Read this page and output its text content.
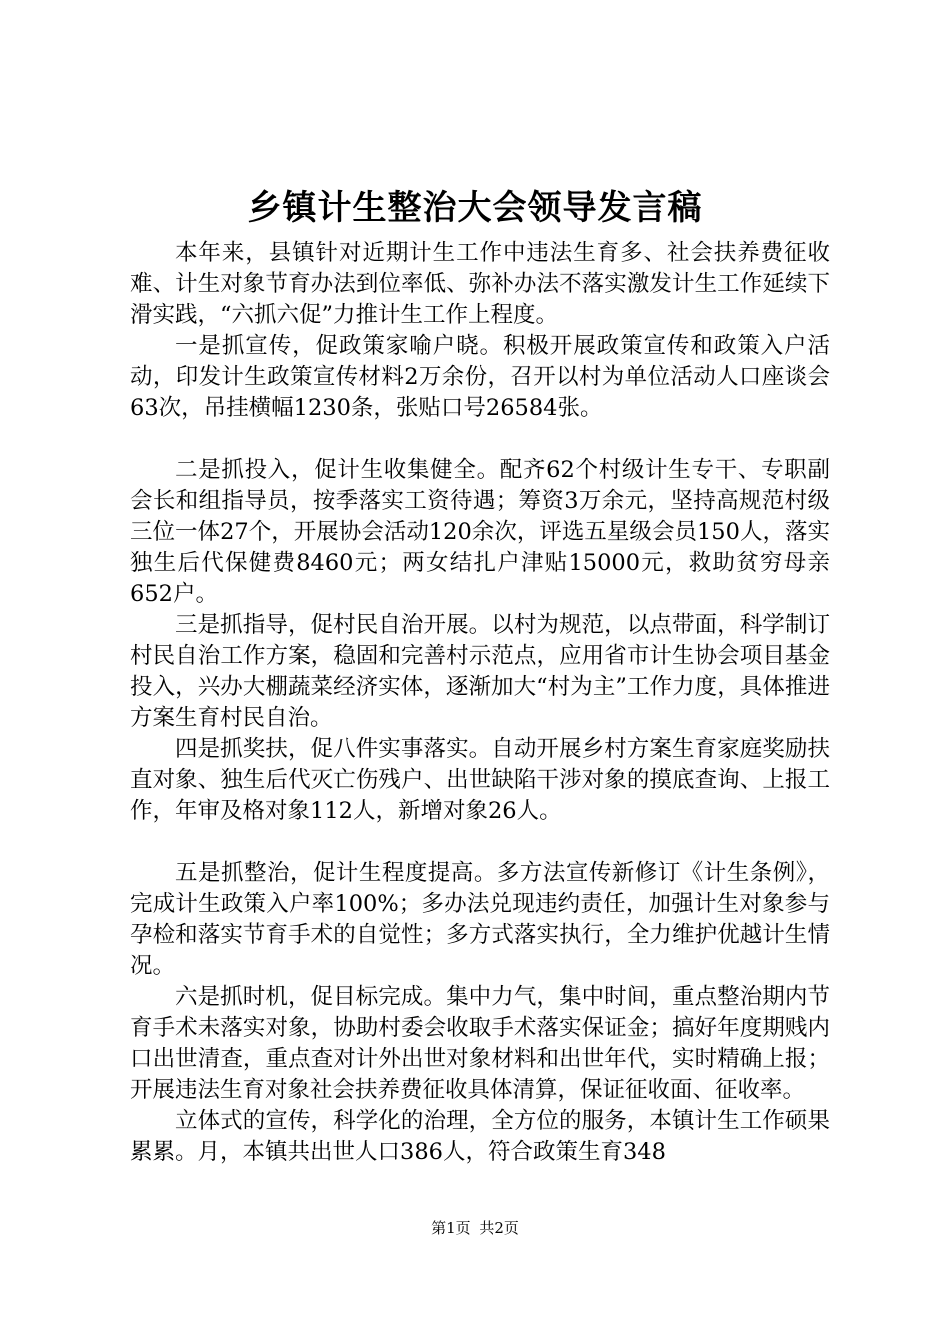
乡镇计生整治大会领导发言稿

本年来，县镇针对近期计生工作中违法生育多、社会扶养费征收难、计生对象节育办法到位率低、弥补办法不落实激发计生工作延续下滑实践，“六抓六促”力推计生工作上程度。

一是抓宣传，促政策家喻户晓。积极开展政策宣传和政策入户活动，印发计生政策宣传材料2万余份，召开以村为单位活动人口座谈会63次，吊挂横幅1230条，张贴口号26584张。

二是抓投入，促计生收集健全。配齐62个村级计生专干、专职副会长和组指导员，按季落实工资待遇；筹资3万余元，坚持高规范村级三位一体27个，开展协会活动120余次，评选五星级会员150人，落实独生后代保健费8460元；两女结扎户津贴15000元，救助贫穷母亲652户。

三是抓指导，促村民自治开展。以村为规范，以点带面，科学制订村民自治工作方案，稳固和完善村示范点，应用省市计生协会项目基金投入，兴办大棚蔬菜经济实体，逐渐加大“村为主”工作力度，具体推进方案生育村民自治。

四是抓奖扶，促八件实事落实。自动开展乡村方案生育家庭奖励扶直对象、独生后代灭亡伤残户、出世缺陷干涉对象的摸底查询、上报工作，年审及格对象112人，新增对象26人。

五是抓整治，促计生程度提高。多方法宣传新修订《计生条例》，完成计生政策入户率100%；多办法兑现违约责任，加强计生对象参与孕检和落实节育手术的自觉性；多方式落实执行，全力维护优越计生情况。

六是抓时机，促目标完成。集中力气，集中时间，重点整治期内节育手术未落实对象，协助村委会收取手术落实保证金；搞好年度期贱内口出世清查，重点查对计外出世对象材料和出世年代，实时精确上报；开展违法生育对象社会扶养费征收具体清算，保证征收面、征收率。

立体式的宣传，科学化的治理，全方位的服务，本镇计生工作硕果累累。月，本镇共出世人口386人，符合政策生育348

第1页 共2页
